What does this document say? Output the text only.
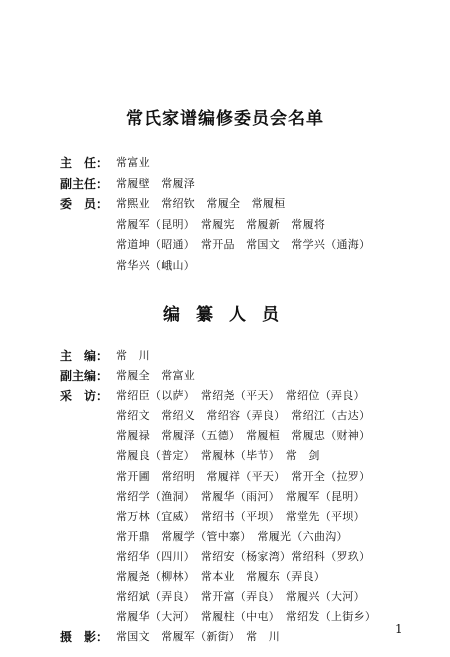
常氏家谱编修委员会名单
主　任： 常富业
副主任： 常履壁　常履泽
委　员： 常熙业　常绍钦　常履全　常履桓
常履军（昆明）　常履宪　常履新　常履将
常道坤（昭通）　常开品　常国文　常学兴（通海）
常华兴（峨山）
编纂人员
主　编： 常　川
副主编： 常履全　常富业
采　访： 常绍臣（以萨）　常绍尧（平天）　常绍位（弄良）
常绍文　常绍义　常绍容（弄良）　常绍江（古达）
常履禄　常履泽（五德）　常履桓　常履忠（财神）
常履良（普定）　常履林（毕节）　常　剑
常开圃　常绍明　常履祥（平天）　常开全（拉罗）
常绍学（渔洞）　常履华（雨河）　常履军（昆明）
常万林（宜威）　常绍书（平坝）　常堂先（平坝）
常开鼎　常履学（管中寨）　常履光（六曲沟）
常绍华（四川）　常绍安（杨家湾）常绍科（罗玖）
常履尧（柳林）　常本业　常履东（弄良）
常绍斌（弄良）　常开富（弄良）　常履兴（大河）
常履华（大河）　常履柱（中屯）　常绍发（上街乡）
摄　影： 常国文　常履军（新街）　常　川
1
